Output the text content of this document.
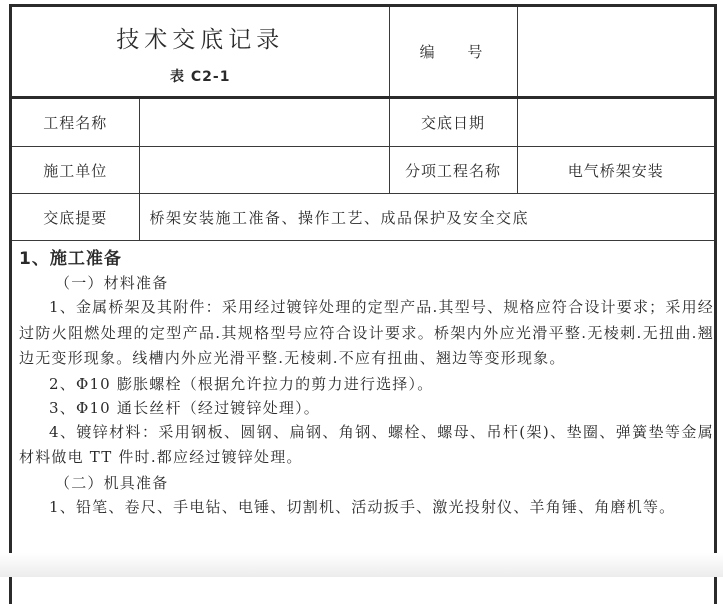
技术交底记录
表 C2-1		编 号	
工程名称		交底日期	
施工单位		分项工程名称	电气桥架安装
交底提要	桥架安装施工准备、操作工艺、成品保护及安全交底		

1、施工准备

（一）材料准备

1、金属桥架及其附件：采用经过镀锌处理的定型产品.其型号、规格应符合设计要求；采用经过防火阻燃处理的定型产品.其规格型号应符合设计要求。桥架内外应光滑平整.无棱刺.无扭曲.翘边无变形现象。线槽内外应光滑平整.无棱刺.不应有扭曲、翘边等变形现象。

2、Φ10 膨胀螺栓（根据允许拉力的剪力进行选择）。

3、Φ10 通长丝杆（经过镀锌处理）。

4、镀锌材料：采用钢板、圆钢、扁钢、角钢、螺栓、螺母、吊杆(架)、垫圈、弹簧垫等金属材料做电 TT 件时.都应经过镀锌处理。

（二）机具准备

1、铅笔、卷尺、手电钻、电锤、切割机、活动扳手、激光投射仪、羊角锤、角磨机等。
